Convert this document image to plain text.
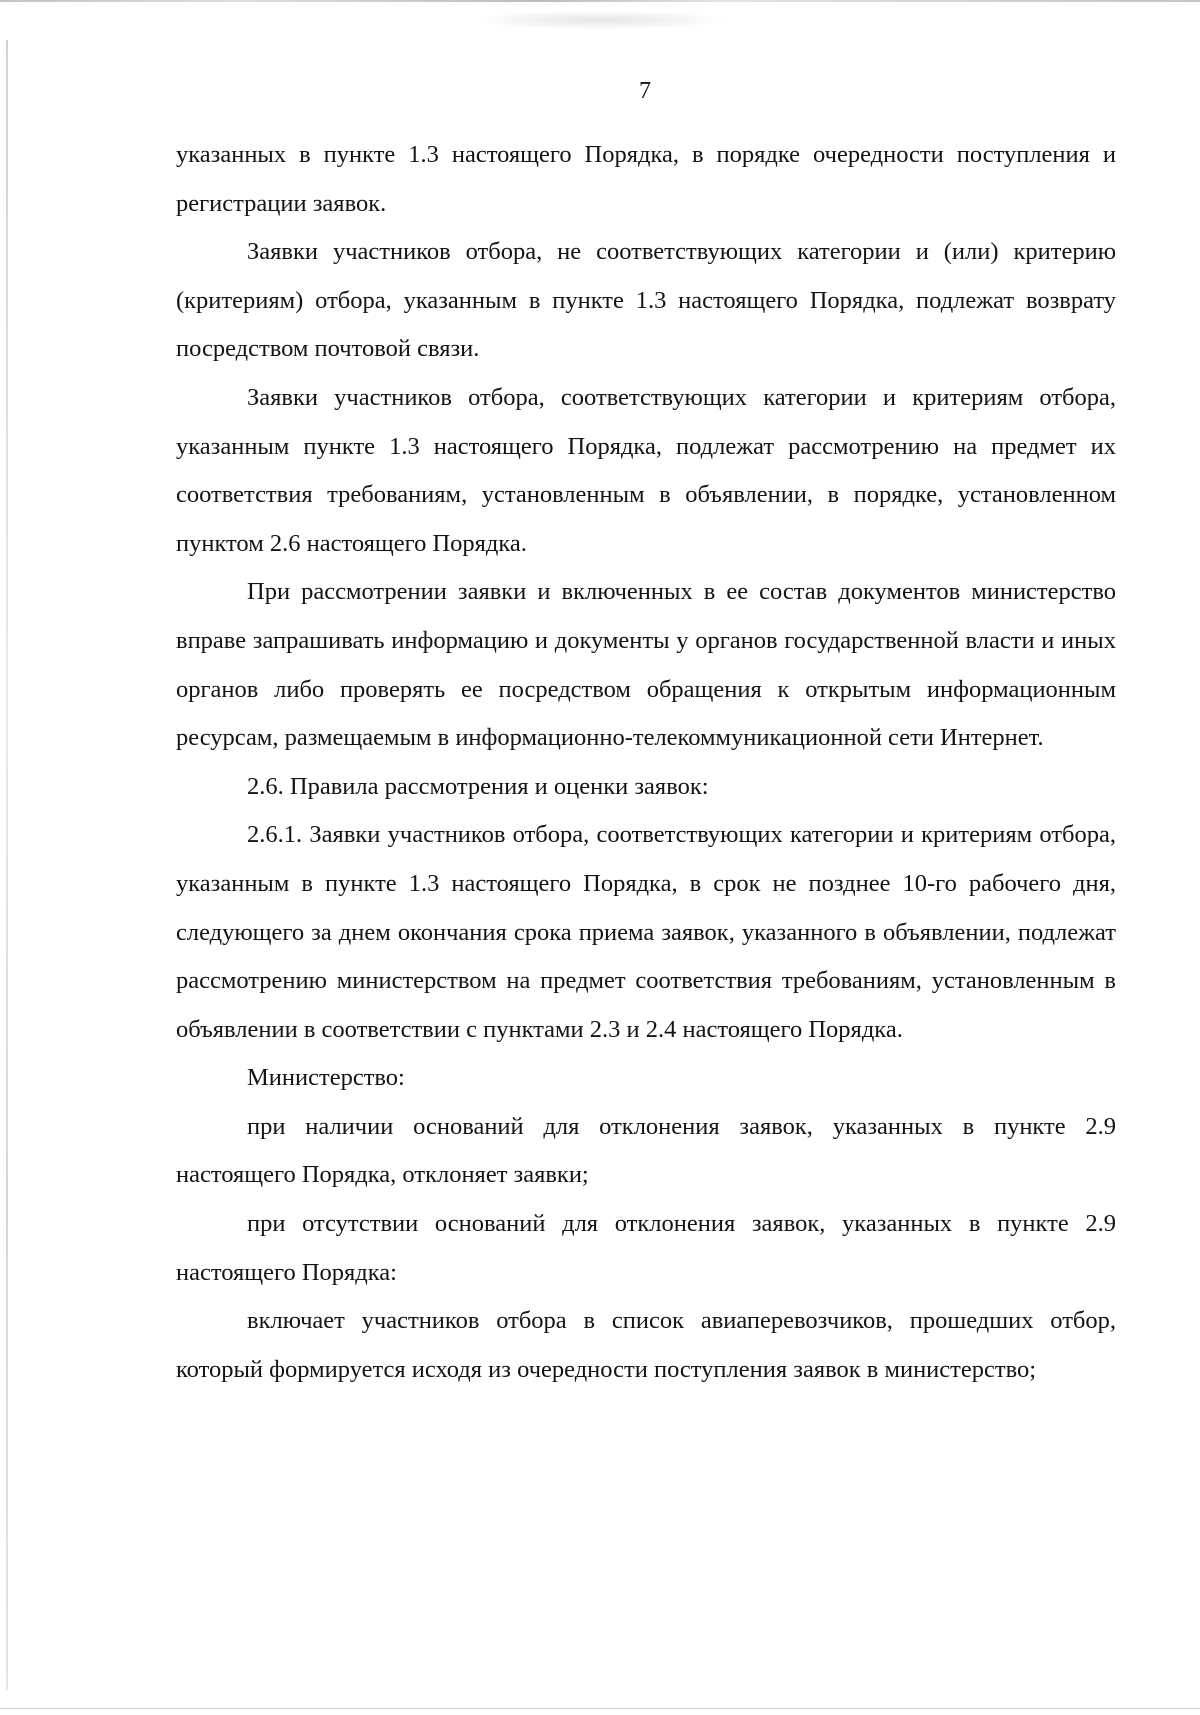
7

указанных в пункте 1.3 настоящего Порядка, в порядке очередности поступления и регистрации заявок.

Заявки участников отбора, не соответствующих категории и (или) критерию (критериям) отбора, указанным в пункте 1.3 настоящего Порядка, подлежат возврату посредством почтовой связи.

Заявки участников отбора, соответствующих категории и критериям отбора, указанным пункте 1.3 настоящего Порядка, подлежат рассмотрению на предмет их соответствия требованиям, установленным в объявлении, в порядке, установленном пунктом 2.6 настоящего Порядка.

При рассмотрении заявки и включенных в ее состав документов министерство вправе запрашивать информацию и документы у органов государственной власти и иных органов либо проверять ее посредством обращения к открытым информационным ресурсам, размещаемым в информационно-телекоммуникационной сети Интернет.

2.6. Правила рассмотрения и оценки заявок:

2.6.1. Заявки участников отбора, соответствующих категории и критериям отбора, указанным в пункте 1.3 настоящего Порядка, в срок не позднее 10-го рабочего дня, следующего за днем окончания срока приема заявок, указанного в объявлении, подлежат рассмотрению министерством на предмет соответствия требованиям, установленным в объявлении в соответствии с пунктами 2.3 и 2.4 настоящего Порядка.

Министерство:

при наличии оснований для отклонения заявок, указанных в пункте 2.9 настоящего Порядка, отклоняет заявки;

при отсутствии оснований для отклонения заявок, указанных в пункте 2.9 настоящего Порядка:

включает участников отбора в список авиаперевозчиков, прошедших отбор, который формируется исходя из очередности поступления заявок в министерство;
